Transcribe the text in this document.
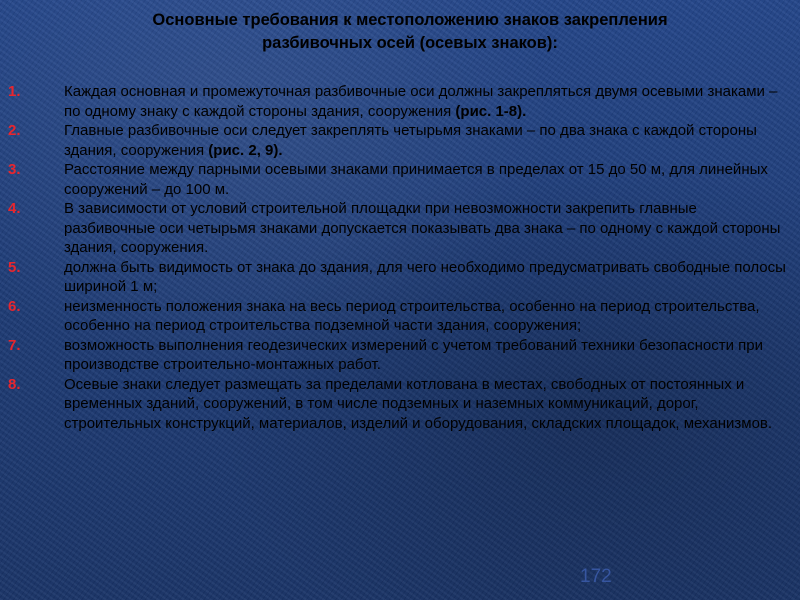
Основные требования к местоположению знаков закрепления
разбивочных осей (осевых знаков):
1.	Каждая основная и промежуточная разбивочные оси должны закрепляться двумя осевыми знаками – по одному знаку с каждой стороны здания, сооружения (рис. 1-8).
2.	Главные разбивочные оси следует закреплять четырьмя знаками – по два знака с каждой стороны здания, сооружения (рис. 2, 9).
3.	Расстояние между парными осевыми знаками принимается в пределах от 15 до 50 м, для линейных сооружений – до 100 м.
4.	В зависимости от условий строительной площадки при невозможности закрепить главные разбивочные оси четырьмя знаками допускается показывать два знака – по одному с каждой стороны здания, сооружения.
5.	должна быть видимость от знака до здания, для чего необходимо предусматривать свободные полосы шириной 1 м;
6.	неизменность положения знака на весь период строительства, особенно на период строительства, особенно на период строительства подземной части здания, сооружения;
7.	возможность выполнения геодезических измерений с учетом требований техники безопасности при производстве строительно-монтажных работ.
8.	Осевые знаки следует размещать за пределами котлована в местах, свободных от постоянных и временных зданий, сооружений, в том числе подземных и наземных коммуникаций, дорог, строительных конструкций, материалов, изделий и оборудования, складских площадок, механизмов.
172
